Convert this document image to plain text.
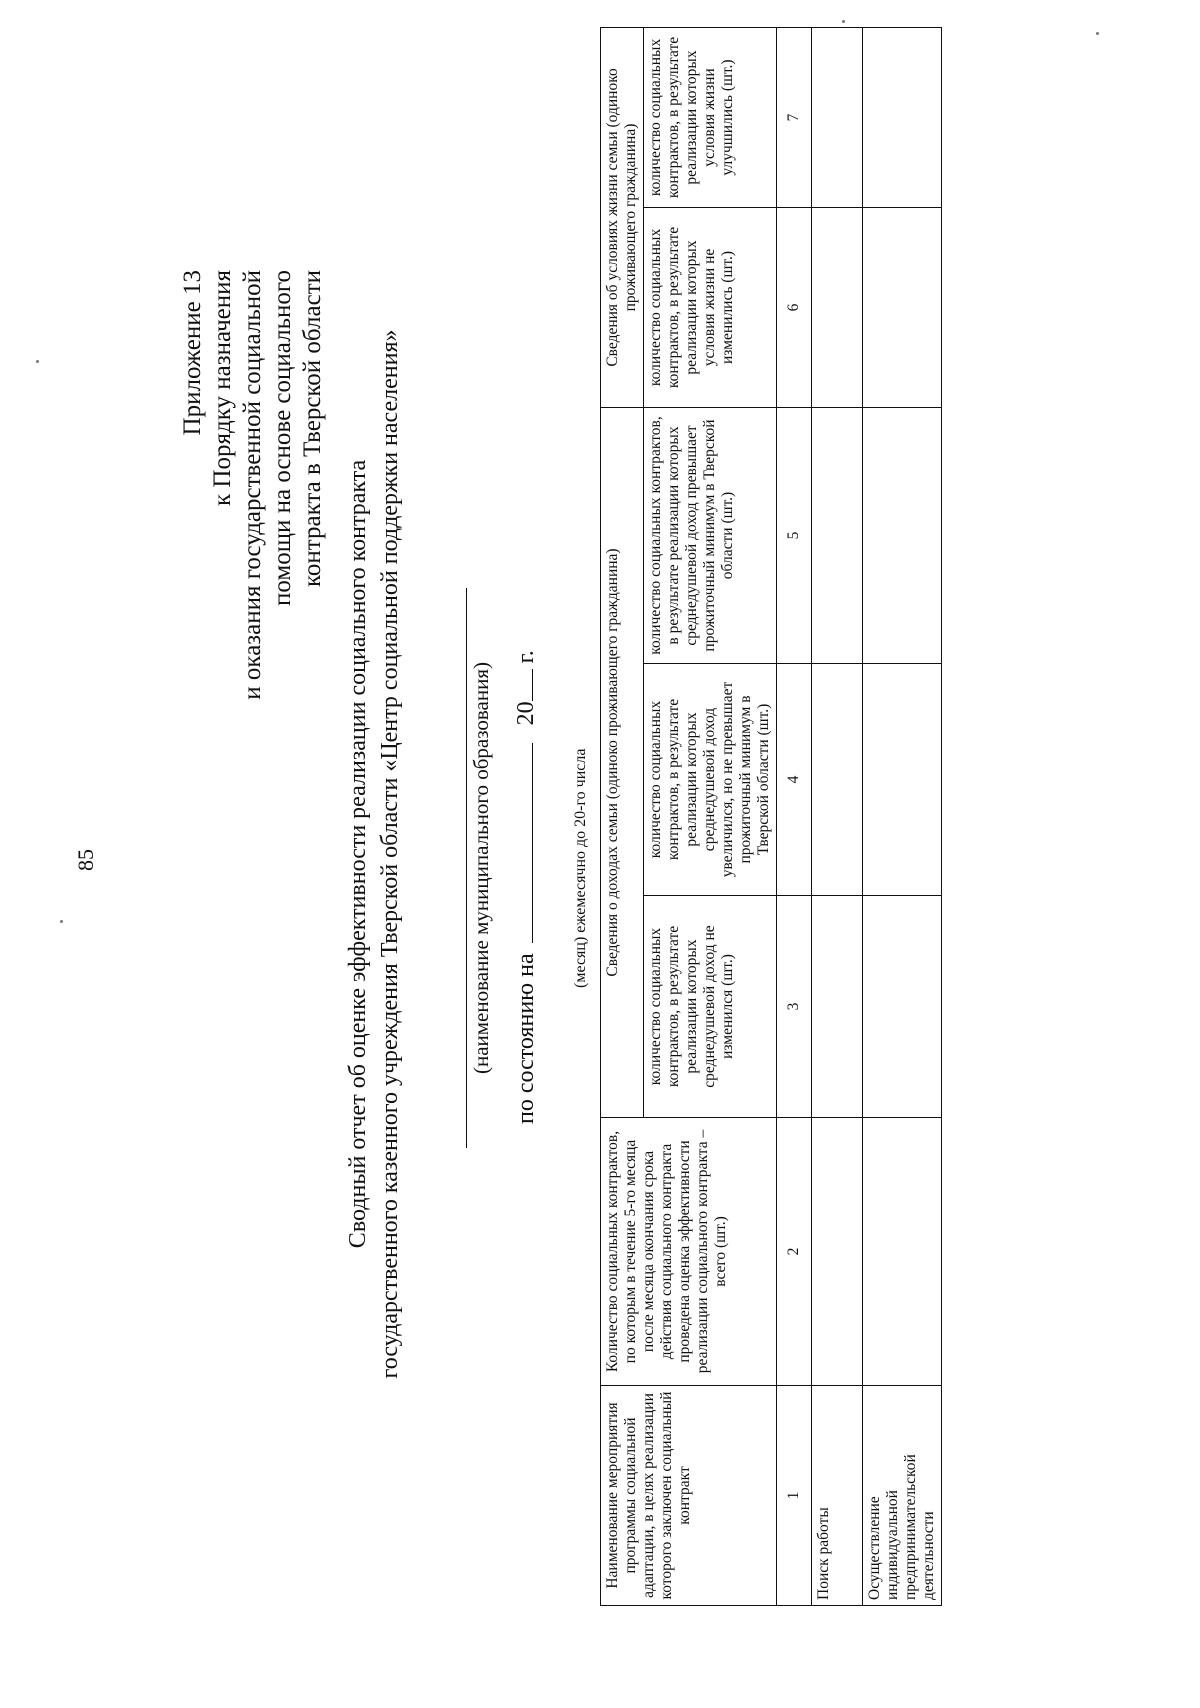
85
Приложение 13 к Порядку назначения и оказания государственной социальной помощи на основе социального контракта в Тверской области
Сводный отчет об оценке эффективности реализации социального контракта государственного казенного учреждения Тверской области «Центр социальной поддержки населения»	(наименование муниципального образования) по состоянию на20г.
(месяц) ежемесячно до 20-го числа
Наименование мероприятия программы социальной адаптации, в целях реализации которого заключен социальный контракт	Количество социальных контрактов, по которым в течение 5-го месяца после месяца окончания срока действия социального контракта проведена оценка эффективности реализации социального контракта – всего (шт.)	Сведения о доходах семьи (одиноко проживающего гражданина)			Сведения об условиях жизни семьи (одиноко проживающего гражданина)	
		количество социальных контрактов, в результате реализации которых среднедушевой доход не изменился (шт.)	количество социальных контрактов, в результате реализации которых среднедушевой доход увеличился, но не превышает прожиточный минимум в Тверской области (шт.)	количество социальных контрактов, в результате реализации которых среднедушевой доход превышает прожиточный минимум в Тверской области (шт.)	количество социальных контрактов, в результате реализации которых условия жизни не изменились (шт.)	количество социальных контрактов, в результате реализации которых условия жизни улучшились (шт.)
1	2	3	4	5	6	7
Поиск работы						
Осуществление индивидуальной предпринимательской деятельности						
